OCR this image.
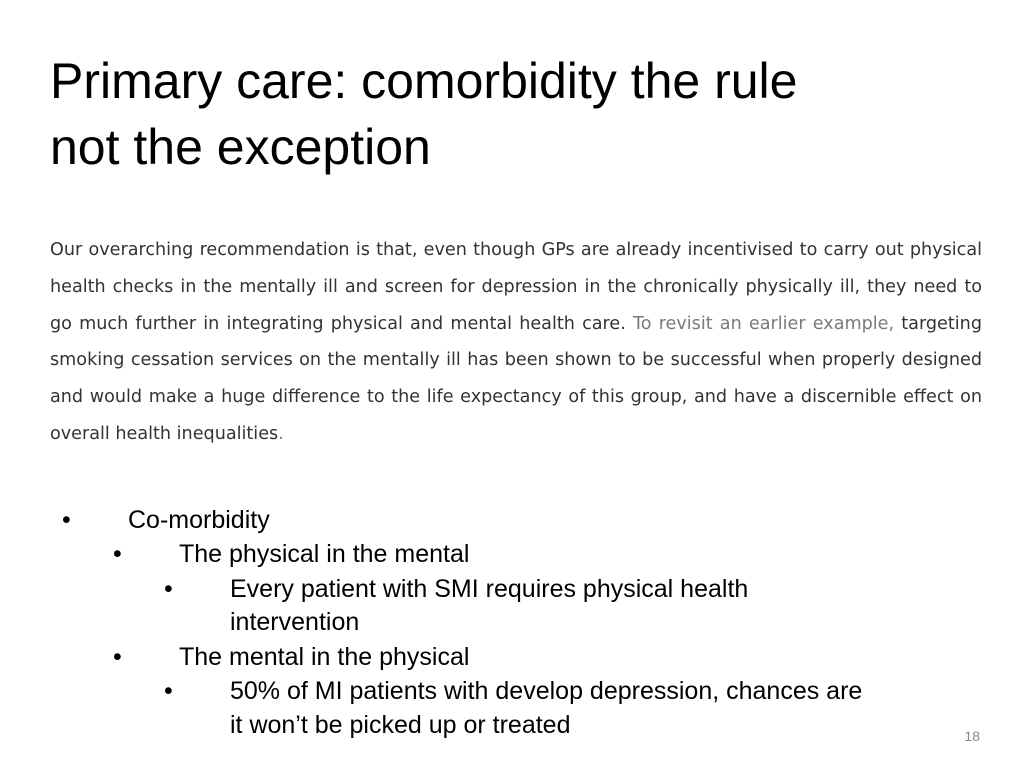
Primary care: comorbidity the rule
not the exception

Our overarching recommendation is that, even though GPs are already incentivised to carry out physical health checks in the mentally ill and screen for depression in the chronically physically ill, they need to go much further in integrating physical and mental health care. To revisit an earlier example, targeting smoking cessation services on the mentally ill has been shown to be successful when properly designed and would make a huge difference to the life expectancy of this group, and have a discernible effect on overall health inequalities.

• Co-morbidity
• The physical in the mental
• Every patient with SMI requires physical health
intervention
• The mental in the physical
• 50% of MI patients with develop depression, chances are
it won’t be picked up or treated	18
